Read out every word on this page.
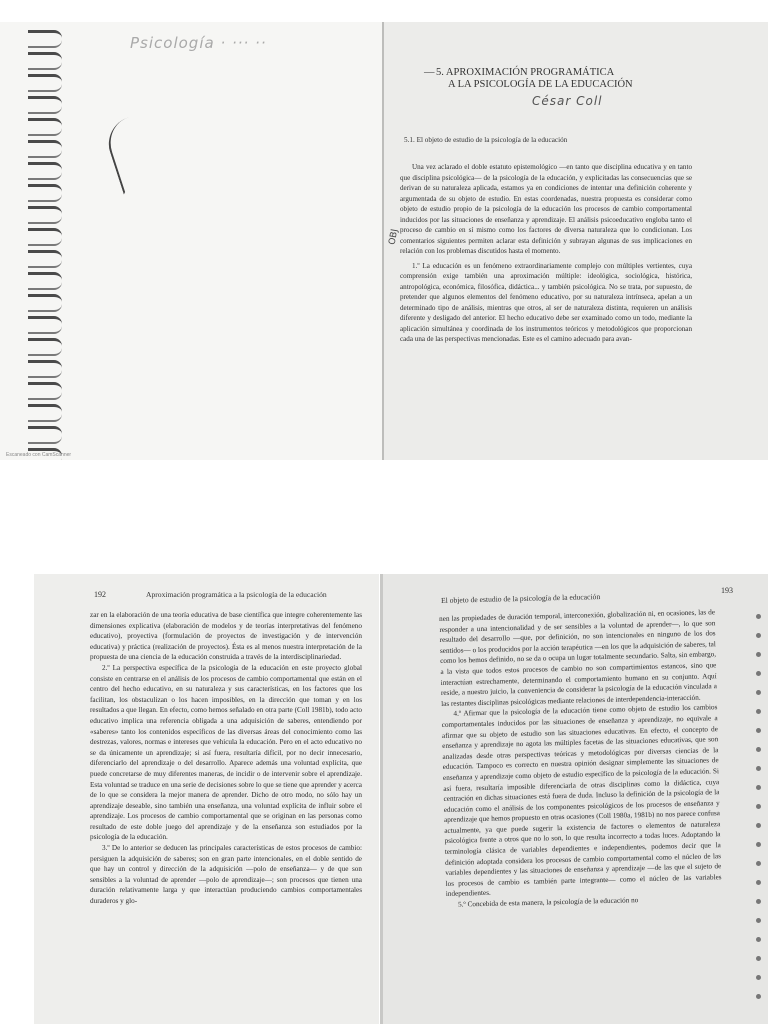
Psicología · ··· ··
Escaneado con CamScanner
— 5. APROXIMACIÓN PROGRAMÁTICA
A LA PSICOLOGÍA DE LA EDUCACIÓN
César Coll
5.1. El objeto de estudio de la psicología de la educación
OBJ

Una vez aclarado el doble estatuto epistemológico —en tanto que disciplina educativa y en tanto que disciplina psicológica— de la psicología de la educación, y explicitadas las consecuencias que se derivan de su naturaleza aplicada, estamos ya en condiciones de intentar una definición coherente y argumentada de su objeto de estudio. En estas coordenadas, nuestra propuesta es considerar como objeto de estudio propio de la psicología de la educación los procesos de cambio comportamental inducidos por las situaciones de enseñanza y aprendizaje. El análisis psicoeducativo engloba tanto el proceso de cambio en sí mismo como los factores de diversa naturaleza que lo condicionan. Los comentarios siguientes permiten aclarar esta definición y subrayan algunas de sus implicaciones en relación con los problemas discutidos hasta el momento.

1.º La educación es un fenómeno extraordinariamente complejo con múltiples vertientes, cuya comprensión exige también una aproximación múltiple: ideológica, sociológica, histórica, antropológica, económica, filosófica, didáctica... y también psicológica. No se trata, por supuesto, de pretender que algunos elementos del fenómeno educativo, por su naturaleza intrínseca, apelan a un determinado tipo de análisis, mientras que otros, al ser de naturaleza distinta, requieren un análisis diferente y desligado del anterior. El hecho educativo debe ser examinado como un todo, mediante la aplicación simultánea y coordinada de los instrumentos teóricos y metodológicos que proporcionan cada una de las perspectivas mencionadas. Este es el camino adecuado para avan-

192	Aproximación programática a la psicología de la educación

zar en la elaboración de una teoría educativa de base científica que integre coherentemente las dimensiones explicativa (elaboración de modelos y de teorías interpretativas del fenómeno educativo), proyectiva (formulación de proyectos de investigación y de intervención educativa) y práctica (realización de proyectos). Ésta es al menos nuestra interpretación de la propuesta de una ciencia de la educación construida a través de la interdisciplinariedad.

2.º La perspectiva específica de la psicología de la educación en este proyecto global consiste en centrarse en el análisis de los procesos de cambio comportamental que están en el centro del hecho educativo, en su naturaleza y sus características, en los factores que los facilitan, los obstaculizan o los hacen imposibles, en la dirección que toman y en los resultados a que llegan. En efecto, como hemos señalado en otra parte (Coll 1981b), todo acto educativo implica una referencia obligada a una adquisición de saberes, entendiendo por «saberes» tanto los contenidos específicos de las diversas áreas del conocimiento como las destrezas, valores, normas e intereses que vehicula la educación. Pero en el acto educativo no se da únicamente un aprendizaje; si así fuera, resultaría difícil, por no decir innecesario, diferenciarlo del aprendizaje o del desarrollo. Aparece además una voluntad explícita, que puede concretarse de muy diferentes maneras, de incidir o de intervenir sobre el aprendizaje. Esta voluntad se traduce en una serie de decisiones sobre lo que se tiene que aprender y acerca de lo que se considera la mejor manera de aprender. Dicho de otro modo, no sólo hay un aprendizaje deseable, sino también una enseñanza, una voluntad explícita de influir sobre el aprendizaje. Los procesos de cambio comportamental que se originan en las personas como resultado de este doble juego del aprendizaje y de la enseñanza son estudiados por la psicología de la educación.

3.º De lo anterior se deducen las principales características de estos procesos de cambio: persiguen la adquisición de saberes; son en gran parte intencionales, en el doble sentido de que hay un control y dirección de la adquisición —polo de enseñanza— y de que son sensibles a la voluntad de aprender —polo de aprendizaje—; son procesos que tienen una duración relativamente larga y que interactúan produciendo cambios comportamentales duraderos y glo-

El objeto de estudio de la psicología de la educación
193

nen las propiedades de duración temporal, interconexión, globalización ni, en ocasiones, las de responder a una intencionalidad y de ser sensibles a la voluntad de aprender—, lo que son resultado del desarrollo —que, por definición, no son intencionales en ninguno de los dos sentidos— o los producidos por la acción terapéutica —en los que la adquisición de saberes, tal como los hemos definido, no se da o ocupa un lugar totalmente secundario. Salta, sin embargo, a la vista que todos estos procesos de cambio no son compartimientos estancos, sino que interactúan estrechamente, determinando el comportamiento humano en su conjunto. Aquí reside, a nuestro juicio, la conveniencia de considerar la psicología de la educación vinculada a las restantes disciplinas psicológicas mediante relaciones de interdependencia-interacción.

4.º Afirmar que la psicología de la educación tiene como objeto de estudio los cambios comportamentales inducidos por las situaciones de enseñanza y aprendizaje, no equivale a afirmar que su objeto de estudio son las situaciones educativas. En efecto, el concepto de enseñanza y aprendizaje no agota las múltiples facetas de las situaciones educativas, que son analizadas desde otras perspectivas teóricas y metodológicas por diversas ciencias de la educación. Tampoco es correcto en nuestra opinión designar simplemente las situaciones de enseñanza y aprendizaje como objeto de estudio específico de la psicología de la educación. Si así fuera, resultaría imposible diferenciarla de otras disciplinas como la didáctica, cuya centración en dichas situaciones está fuera de duda. Incluso la definición de la psicología de la educación como el análisis de los componentes psicológicos de los procesos de enseñanza y aprendizaje que hemos propuesto en otras ocasiones (Coll 1980a, 1981b) no nos parece confusa actualmente, ya que puede sugerir la existencia de factores o elementos de naturaleza psicológica frente a otros que no lo son, lo que resulta incorrecto a todas luces. Adoptando la terminología clásica de variables dependientes e independientes, podemos decir que la definición adoptada considera los procesos de cambio comportamental como el núcleo de las variables dependientes y las situaciones de enseñanza y aprendizaje —de las que el sujeto de los procesos de cambio es también parte integrante— como el núcleo de las variables independientes.

5.º Concebida de esta manera, la psicología de la educación no
